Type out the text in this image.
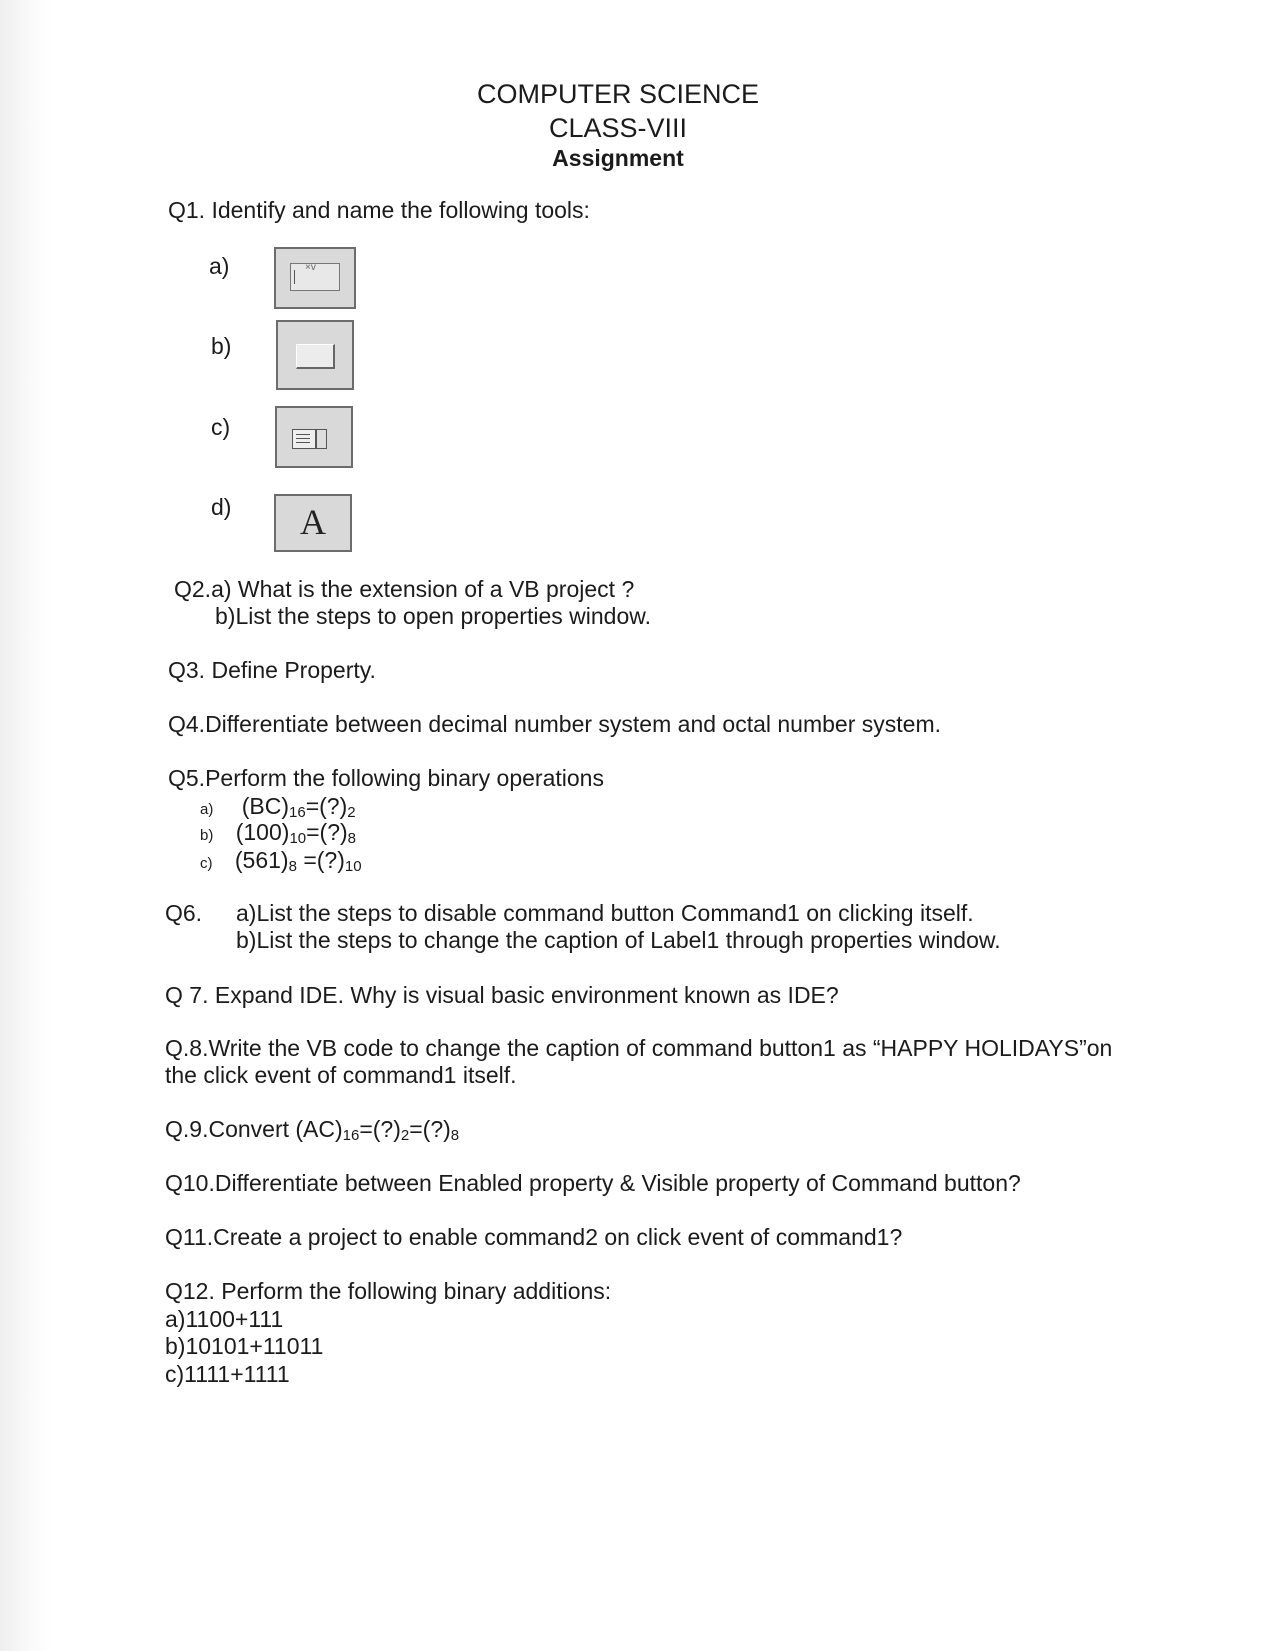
COMPUTER SCIENCE
CLASS-VIII
Assignment
Q1. Identify and name the following tools:
a)	×v
b)
c)
d)	A
Q2.a) What is the extension of a VB project ?
b)List the steps to open properties window.
Q3. Define Property.
Q4.Differentiate between decimal number system and octal number system.
Q5.Perform the following binary operations
a) $(BC)_{16}=(?)_2$
b) $(100)_{10}=(?)_8$
c) $(561)_8$ $=(?)_{10}$
Q6. a)List the steps to disable command button Command1 on clicking itself.
b)List the steps to change the caption of Label1 through properties window.
Q 7. Expand IDE. Why is visual basic environment known as IDE?
Q.8.Write the VB code to change the caption of command button1 as “HAPPY HOLIDAYS”on
the click event of command1 itself.
Q.9.Convert $(AC)_{16}=(?)_2=(?)_8$
Q10.Differentiate between Enabled property & Visible property of Command button?
Q11.Create a project to enable command2 on click event of command1?
Q12. Perform the following binary additions:
a)1100+111
b)10101+11011
c)1111+1111
